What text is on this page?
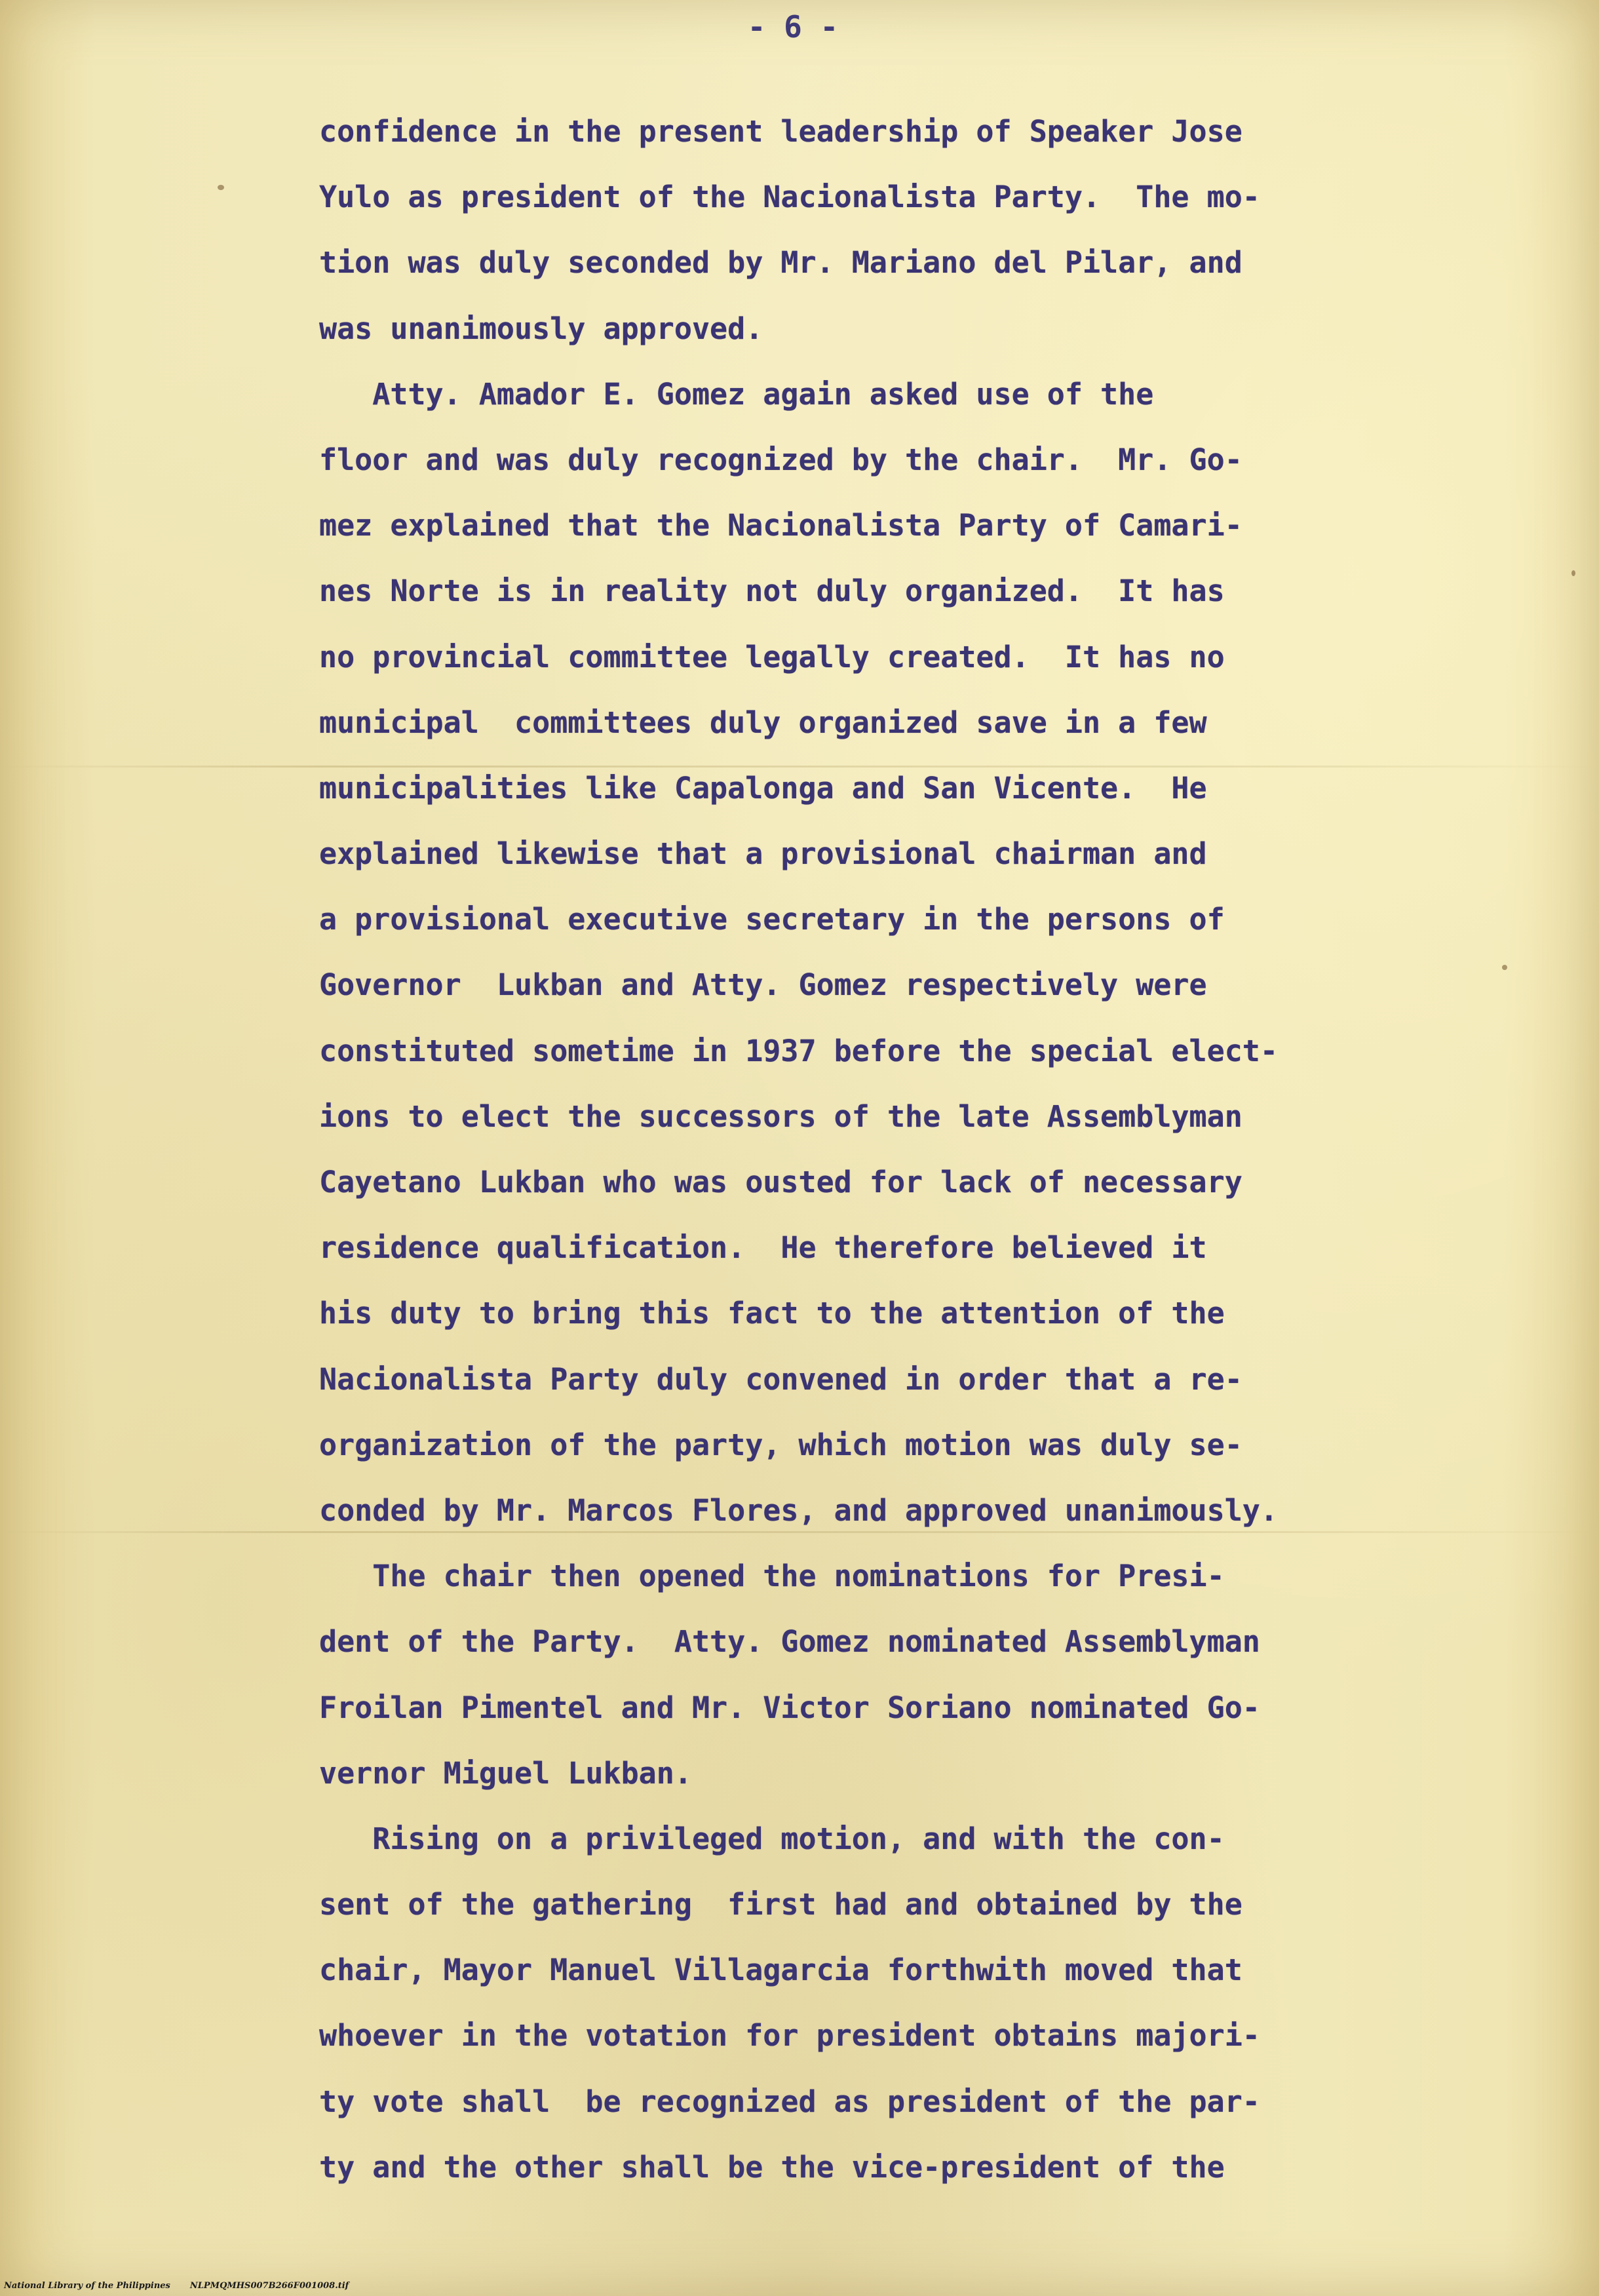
- 6 -

confidence in the present leadership of Speaker Jose
Yulo as president of the Nacionalista Party.  The mo-
tion was duly seconded by Mr. Mariano del Pilar, and
was unanimously approved.
Atty. Amador E. Gomez again asked use of the
floor and was duly recognized by the chair.  Mr. Go-
mez explained that the Nacionalista Party of Camari-
nes Norte is in reality not duly organized.  It has
no provincial committee legally created.  It has no
municipal  committees duly organized save in a few
municipalities like Capalonga and San Vicente.  He
explained likewise that a provisional chairman and
a provisional executive secretary in the persons of
Governor  Lukban and Atty. Gomez respectively were
constituted sometime in 1937 before the special elect-
ions to elect the successors of the late Assemblyman
Cayetano Lukban who was ousted for lack of necessary
residence qualification.  He therefore believed it
his duty to bring this fact to the attention of the
Nacionalista Party duly convened in order that a re-
organization of the party, which motion was duly se-
conded by Mr. Marcos Flores, and approved unanimously.
The chair then opened the nominations for Presi-
dent of the Party.  Atty. Gomez nominated Assemblyman
Froilan Pimentel and Mr. Victor Soriano nominated Go-
vernor Miguel Lukban.
Rising on a privileged motion, and with the con-
sent of the gathering  first had and obtained by the
chair, Mayor Manuel Villagarcia forthwith moved that
whoever in the votation for president obtains majori-
ty vote shall  be recognized as president of the par-
ty and the other shall be the vice-president of the

National Library of the Philippines NLPMQMHS007B266F001008.tif
